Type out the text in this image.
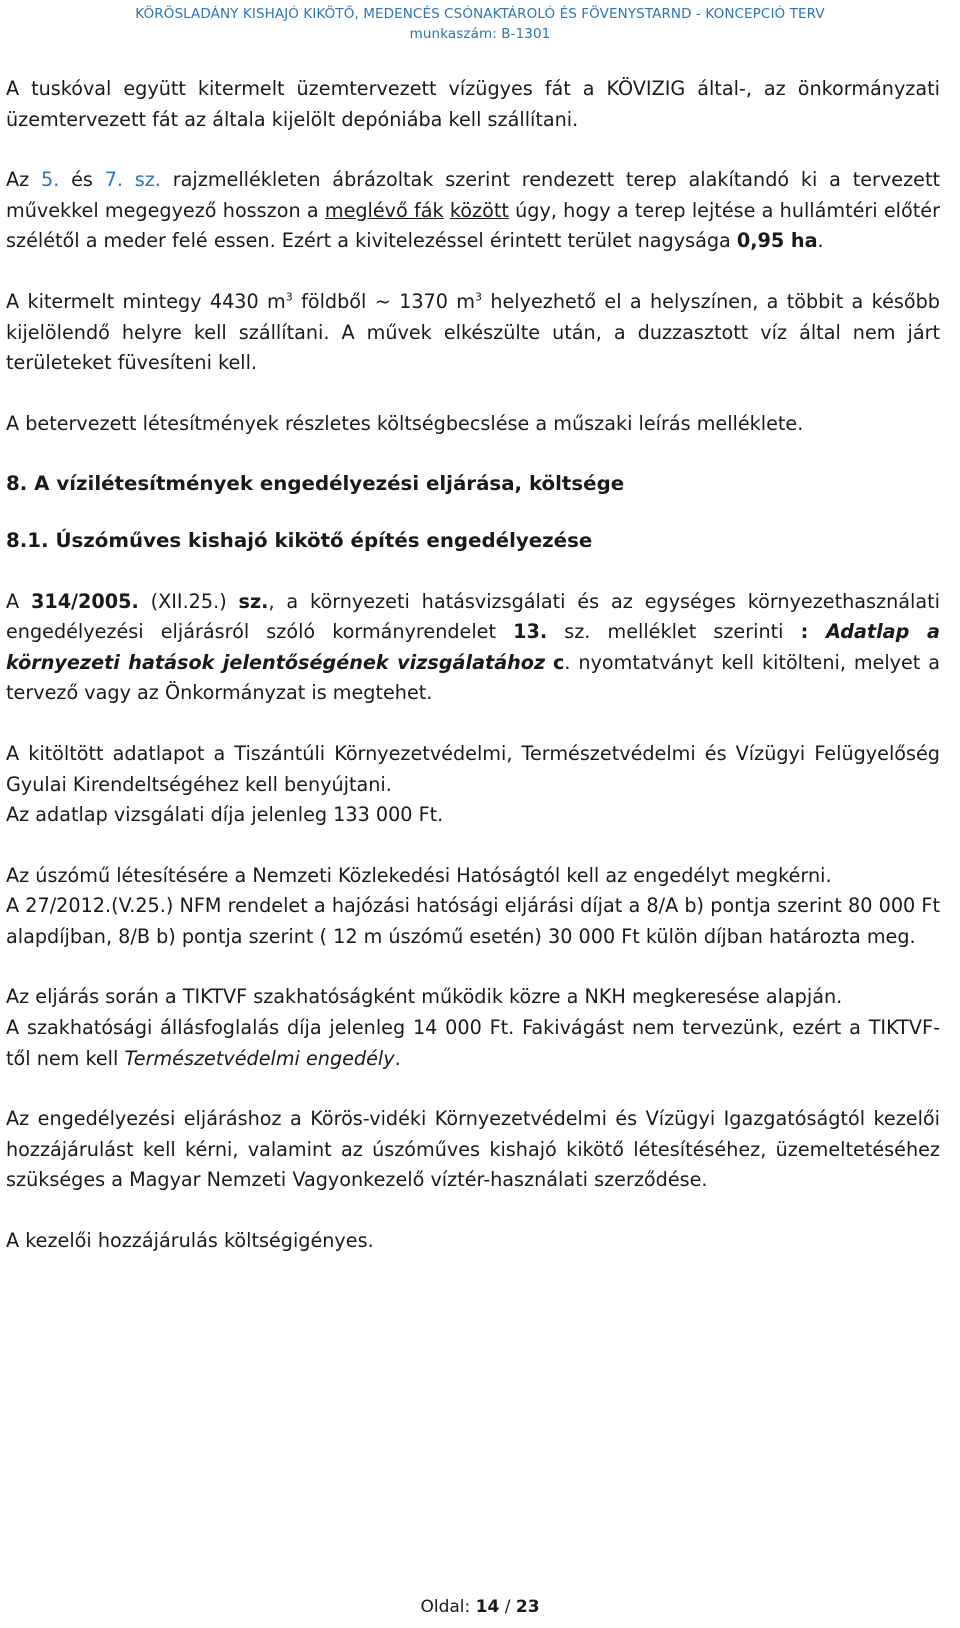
KÖRÖSLADÁNY KISHAJÓ KIKÖTŐ, MEDENCÉS CSÓNAKTÁROLÓ ÉS FÖVENYSTARND - KONCEPCIÓ TERV
munkaszám: B-1301

A tuskóval együtt kitermelt üzemtervezett vízügyes fát a KÖVIZIG által-, az önkormányzati üzemtervezett fát az általa kijelölt depóniába kell szállítani.

Az 5. és 7. sz. rajzmellékleten ábrázoltak szerint rendezett terep alakítandó ki a tervezett művekkel megegyező hosszon a meglévő fák között úgy, hogy a terep lejtése a hullámtéri előtér szélétől a meder felé essen. Ezért a kivitelezéssel érintett terület nagysága 0,95 ha.

A kitermelt mintegy 4430 $m^3$ földből ~ 1370 $m^3$ helyezhető el a helyszínen, a többit a később kijelölendő helyre kell szállítani. A művek elkészülte után, a duzzasztott víz által nem járt területeket füvesíteni kell.

A betervezett létesítmények részletes költségbecslése a műszaki leírás melléklete.

8. A vízilétesítmények engedélyezési eljárása, költsége

8.1. Úszóműves kishajó kikötő építés engedélyezése

A 314/2005. (XII.25.) sz., a környezeti hatásvizsgálati és az egységes környezethasználati engedélyezési eljárásról szóló kormányrendelet 13. sz. melléklet szerinti : Adatlap a környezeti hatások jelentőségének vizsgálatához c. nyomtatványt kell kitölteni, melyet a tervező vagy az Önkormányzat is megtehet.

A kitöltött adatlapot a Tiszántúli Környezetvédelmi, Természetvédelmi és Vízügyi Felügyelőség Gyulai Kirendeltségéhez kell benyújtani.

Az adatlap vizsgálati díja jelenleg 133 000 Ft.

Az úszómű létesítésére a Nemzeti Közlekedési Hatóságtól kell az engedélyt megkérni.

A 27/2012.(V.25.) NFM rendelet a hajózási hatósági eljárási díjat a 8/A b) pontja szerint 80 000 Ft alapdíjban, 8/B b) pontja szerint ( 12 m úszómű esetén) 30 000 Ft külön díjban határozta meg.

Az eljárás során a TIKTVF szakhatóságként működik közre a NKH megkeresése alapján.

A szakhatósági állásfoglalás díja jelenleg 14 000 Ft. Fakivágást nem tervezünk, ezért a TIKTVF-től nem kell Természetvédelmi engedély.

Az engedélyezési eljáráshoz a Körös-vidéki Környezetvédelmi és Vízügyi Igazgatóságtól kezelői hozzájárulást kell kérni, valamint az úszóműves kishajó kikötő létesítéséhez, üzemeltetéséhez szükséges a Magyar Nemzeti Vagyonkezelő víztér-használati szerződése.

A kezelői hozzájárulás költségigényes.

Oldal: 14 / 23
